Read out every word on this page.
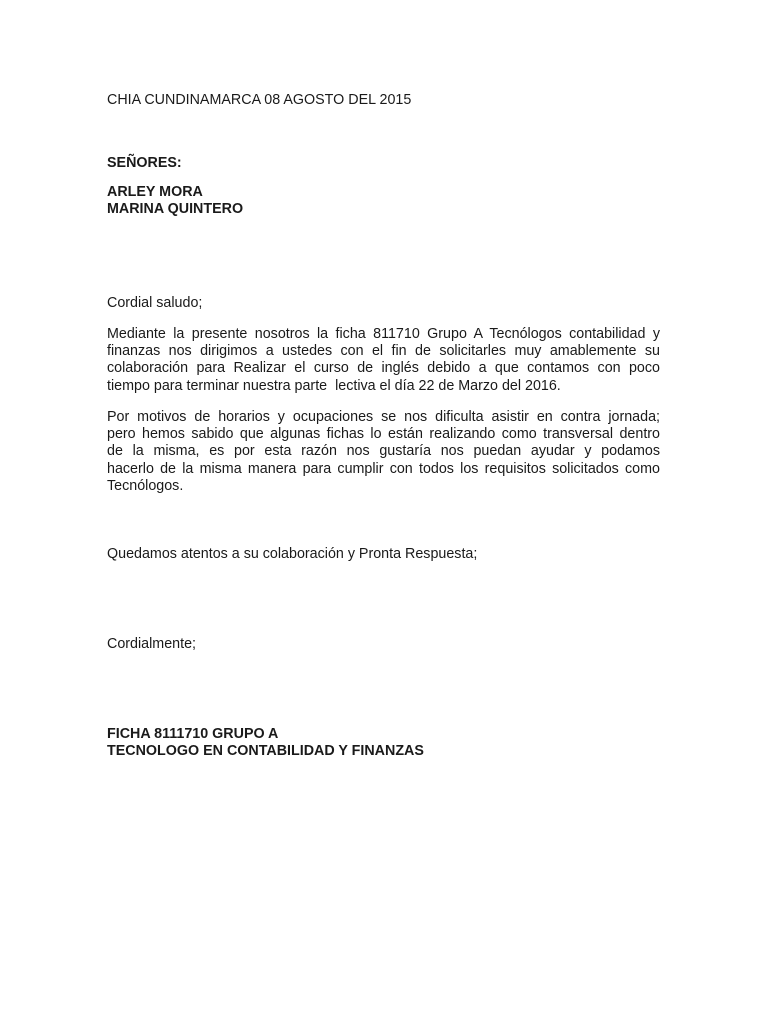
CHIA CUNDINAMARCA 08 AGOSTO DEL 2015

SEÑORES:

ARLEY MORA
MARINA QUINTERO

Cordial saludo;

Mediante la presente nosotros la ficha 811710 Grupo A Tecnólogos contabilidad y
finanzas nos dirigimos a ustedes con el fin de solicitarles muy amablemente su
colaboración para Realizar el curso de inglés debido a que contamos con poco
tiempo para terminar nuestra parte  lectiva el día 22 de Marzo del 2016.

Por motivos de horarios y ocupaciones se nos dificulta asistir en contra jornada;
pero hemos sabido que algunas fichas lo están realizando como transversal dentro
de la misma, es por esta razón nos gustaría nos puedan ayudar y podamos
hacerlo de la misma manera para cumplir con todos los requisitos solicitados como
Tecnólogos.

Quedamos atentos a su colaboración y Pronta Respuesta;

Cordialmente;

FICHA 8111710 GRUPO A
TECNOLOGO EN CONTABILIDAD Y FINANZAS
